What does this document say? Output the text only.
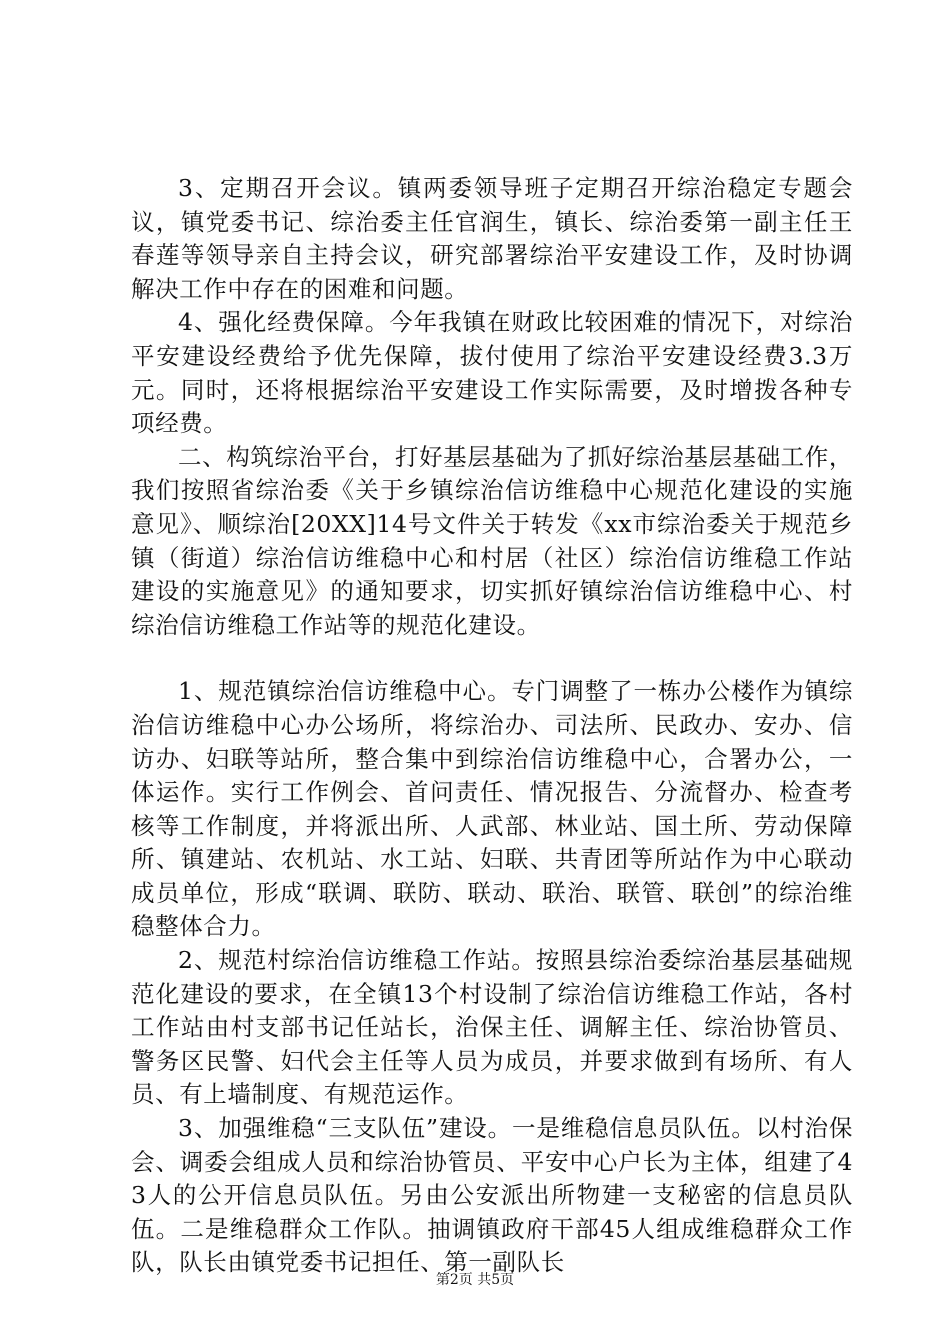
3、定期召开会议。镇两委领导班子定期召开综治稳定专题会议，镇党委书记、综治委主任官润生，镇长、综治委第一副主任王春莲等领导亲自主持会议，研究部署综治平安建设工作，及时协调解决工作中存在的困难和问题。

4、强化经费保障。今年我镇在财政比较困难的情况下，对综治平安建设经费给予优先保障，拔付使用了综治平安建设经费3.3万元。同时，还将根据综治平安建设工作实际需要，及时增拨各种专项经费。

二、构筑综治平台，打好基层基础为了抓好综治基层基础工作，我们按照省综治委《关于乡镇综治信访维稳中心规范化建设的实施意见》、顺综治[20XX]14号文件关于转发《xx市综治委关于规范乡镇（街道）综治信访维稳中心和村居（社区）综治信访维稳工作站建设的实施意见》的通知要求，切实抓好镇综治信访维稳中心、村综治信访维稳工作站等的规范化建设。

1、规范镇综治信访维稳中心。专门调整了一栋办公楼作为镇综治信访维稳中心办公场所，将综治办、司法所、民政办、安办、信访办、妇联等站所，整合集中到综治信访维稳中心，合署办公，一体运作。实行工作例会、首问责任、情况报告、分流督办、检查考核等工作制度，并将派出所、人武部、林业站、国土所、劳动保障所、镇建站、农机站、水工站、妇联、共青团等所站作为中心联动成员单位，形成“联调、联防、联动、联治、联管、联创”的综治维稳整体合力。

2、规范村综治信访维稳工作站。按照县综治委综治基层基础规范化建设的要求，在全镇13个村设制了综治信访维稳工作站，各村工作站由村支部书记任站长，治保主任、调解主任、综治协管员、警务区民警、妇代会主任等人员为成员，并要求做到有场所、有人员、有上墙制度、有规范运作。

3、加强维稳“三支队伍”建设。一是维稳信息员队伍。以村治保会、调委会组成人员和综治协管员、平安中心户长为主体，组建了43人的公开信息员队伍。另由公安派出所物建一支秘密的信息员队伍。二是维稳群众工作队。抽调镇政府干部45人组成维稳群众工作队，队长由镇党委书记担任、第一副队长

第2页 共5页
